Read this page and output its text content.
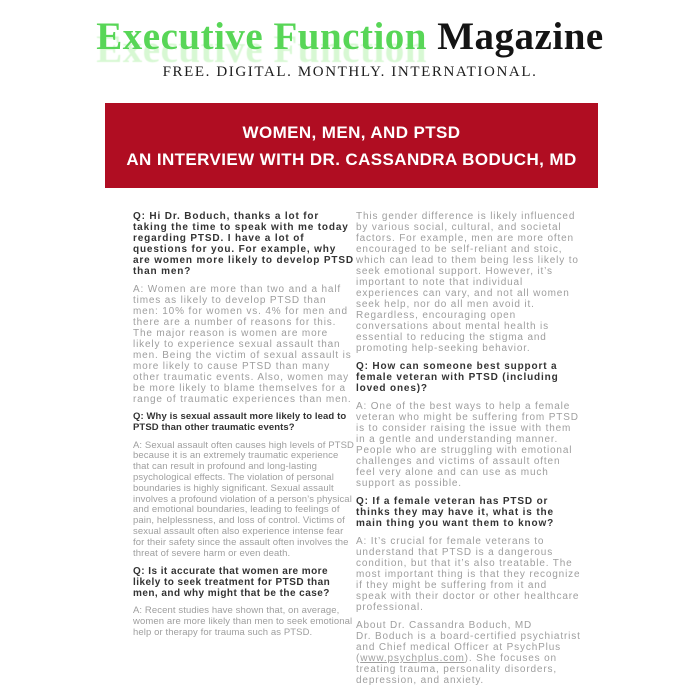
Executive Function Magazine
FREE. DIGITAL. MONTHLY. INTERNATIONAL.
WOMEN, MEN, AND PTSD
AN INTERVIEW WITH DR. CASSANDRA BODUCH, MD

Q: Hi Dr. Boduch, thanks a lot for taking the time to speak with me today regarding PTSD. I have a lot of questions for you. For example, why are women more likely to develop PTSD than men?

A: Women are more than two and a half times as likely to develop PTSD than men: 10% for women vs. 4% for men and there are a number of reasons for this. The major reason is women are more likely to experience sexual assault than men. Being the victim of sexual assault is more likely to cause PTSD than many other traumatic events. Also, women may be more likely to blame themselves for a range of traumatic experiences than men.

Q: Why is sexual assault more likely to lead to PTSD than other traumatic events?

A: Sexual assault often causes high levels of PTSD because it is an extremely traumatic experience that can result in profound and long-lasting psychological effects. The violation of personal boundaries is highly significant. Sexual assault involves a profound violation of a person’s physical and emotional boundaries, leading to feelings of pain, helplessness, and loss of control. Victims of sexual assault often also experience intense fear for their safety since the assault often involves the threat of severe harm or even death.

Q: Is it accurate that women are more likely to seek treatment for PTSD than men, and why might that be the case?

A: Recent studies have shown that, on average, women are more likely than men to seek emotional help or therapy for trauma such as PTSD.

This gender difference is likely influenced by various social, cultural, and societal factors. For example, men are more often encouraged to be self-reliant and stoic, which can lead to them being less likely to seek emotional support. However, it’s important to note that individual experiences can vary, and not all women seek help, nor do all men avoid it. Regardless, encouraging open conversations about mental health is essential to reducing the stigma and promoting help-seeking behavior.

Q: How can someone best support a female veteran with PTSD (including loved ones)?

A: One of the best ways to help a female veteran who might be suffering from PTSD is to consider raising the issue with them in a gentle and understanding manner. People who are struggling with emotional challenges and victims of assault often feel very alone and can use as much support as possible.

Q: If a female veteran has PTSD or thinks they may have it, what is the main thing you want them to know?

A: It’s crucial for female veterans to understand that PTSD is a dangerous condition, but that it’s also treatable. The most important thing is that they recognize if they might be suffering from it and speak with their doctor or other healthcare professional.

About Dr. Cassandra Boduch, MD

Dr. Boduch is a board-certified psychiatrist and Chief medical Officer at PsychPlus (www.psychplus.com). She focuses on treating trauma, personality disorders, depression, and anxiety.
